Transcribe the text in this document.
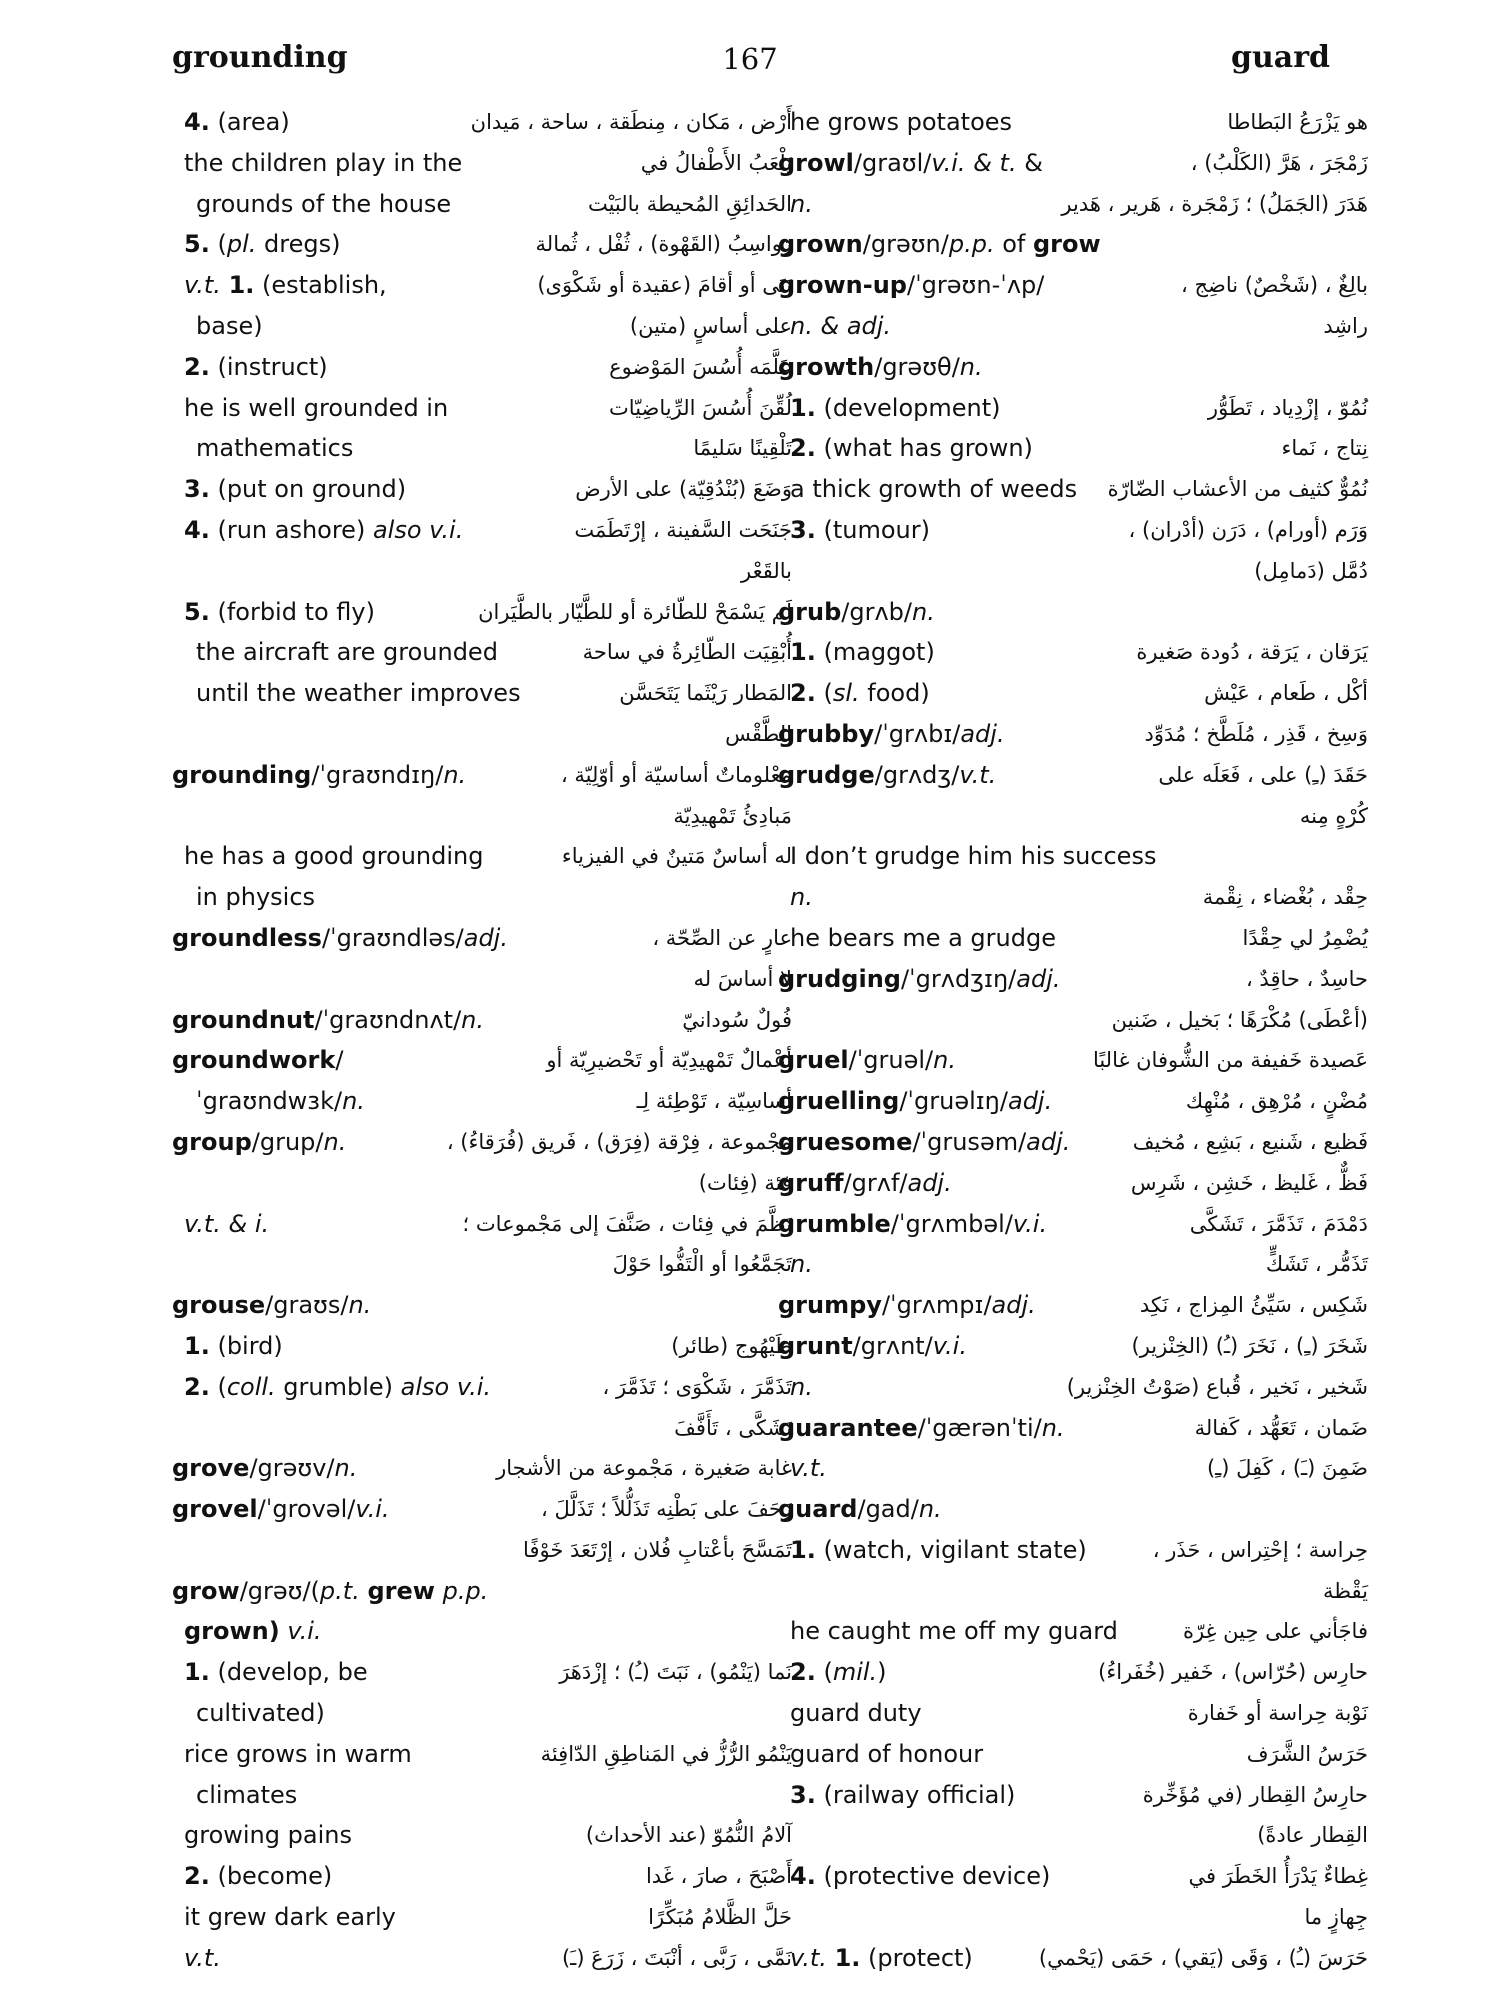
grounding	167	guard
4. (area)	أَرْض ، مَكان ، مِنطَقة ، ساحة ، مَيدان
the children play in the	يَلْعَبُ الأَطْفالُ في
grounds of the house	الحَدائِقِ المُحيطة بالبَيْت
5. (pl. dregs)	رَواسِبُ (القَهْوة) ، ثُفْل ، ثُمالة
v.t. 1. (establish,	بَنَى أو أقامَ (عقيدة أو شَكْوَى)
base)	على أساسٍ (متين)
2. (instruct)	عَلَّمَه أُسُسَ المَوْضوع
he is well grounded in	لُقِّنَ أُسُسَ الرِّياضِيّات
mathematics	تَلْقِينًا سَليمًا
3. (put on ground)	وَضَعَ (بُنْدُقِيّة) على الأرض
4. (run ashore) also v.i.	جَنَحَت السَّفينة ، إرْتَطَمَت
بالقَعْر
5. (forbid to fly)	لَم يَسْمَحْ للطّائرة أو للطَّيّار بالطَّيَران
the aircraft are grounded	أُبْقِيَت الطّائِرةُ في ساحة
until the weather improves	المَطار رَيْثَما يَتَحَسَّن
الطَّقْس
grounding/ˈgraʊndɪŋ/n.	مَعْلوماتٌ أساسيّة أو أوّلِيّة ،
مَبادِئُ تَمْهيدِيّة
he has a good grounding	له أساسٌ مَتينٌ في الفيزياء
in physics
groundless/ˈgraʊndləs/adj.	عارٍ عن الصِّحّة ،
لا أساسَ له
groundnut/ˈgraʊndnʌt/n.	فُولٌ سُودانيّ
groundwork/	أعْمالٌ تَمْهيدِيّة أو تَحْضيرِيّة أو
ˈgraʊndwɜk/n.	أساسِيّة ، تَوْطِئة لِـ
group/grup/n.	مَجْموعة ، فِرْقة (فِرَق) ، فَريق (فُرَقاءُ) ،
فِئة (فِئات)
v.t. & i.	نَظَّمَ في فِئات ، صَنَّفَ إلى مَجْموعات ؛
تَجَمَّعُوا أو الْتَفُّوا حَوْلَ
grouse/graʊs/n.
1. (bird)	طَيْهُوج (طائر)
2. (coll. grumble) also v.i.	تَذَمَّرَ ، شَكْوَى ؛ تَذَمَّرَ ،
تَشَكَّى ، تَأَفَّفَ
grove/grəʊv/n.	غابة صَغيرة ، مَجْموعة من الأشجار
grovel/ˈgrovəl/v.i.	زَحَفَ على بَطْنِه تَذَلُّلاً ؛ تَذَلَّلَ ،
تَمَسَّحَ بأعْتابِ فُلان ، إرْتَعَدَ خَوْفًا
grow/grəʊ/(p.t. grew p.p.
grown) v.i.
1. (develop, be	نَما (يَنْمُو) ، نَبَتَ (ـُ) ؛ إزْدَهَرَ
cultivated)
rice grows in warm	يَنْمُو الرُّزُّ في المَناطِقِ الدّافِئة
climates
growing pains	آلامُ النُّمُوّ (عند الأحداث)
2. (become)	أَصْبَحَ ، صارَ ، غَدا
it grew dark early	حَلَّ الظَّلامُ مُبَكِّرًا
v.t.	نَمَّى ، رَبَّى ، أنْبَتَ ، زَرَعَ (ـَ)
he grows potatoes	هو يَزْرَعُ البَطاطا
growl/graʊl/v.i. & t. &	زَمْجَرَ ، هَرَّ (الكَلْبُ) ،
n.	هَدَرَ (الجَمَلُ) ؛ زَمْجَرة ، هَرير ، هَدير
grown/grəʊn/p.p. of grow
grown-up/ˈgrəʊn-ˈʌp/	بالِغٌ ، (شَخْصٌ) ناضِج ،
n. & adj.	راشِد
growth/grəʊθ/n.
1. (development)	نُمُوّ ، إزْدِياد ، تَطَوُّر
2. (what has grown)	نِتاج ، نَماء
a thick growth of weeds نُمُوٌّ كثيف من الأعشاب الضّارّة
3. (tumour)	وَرَم (أورام) ، دَرَن (أدْران) ،
دُمَّل (دَمامِل)
grub/grʌb/n.
1. (maggot)	يَرَقان ، يَرَقة ، دُودة صَغيرة
2. (sl. food)	أكْل ، طَعام ، عَيْش
grubby/ˈgrʌbɪ/adj.	وَسِخ ، قَذِر ، مُلَطَّخ ؛ مُدَوِّد
grudge/grʌdʒ/v.t.	حَقَدَ (ـِ) على ، فَعَلَه على
كُرْهٍ مِنه
I don’t grudge him his success
n.	حِقْد ، بُغْضاء ، نِقْمة
he bears me a grudge	يُضْمِرُ لي حِقْدًا
grudging/ˈgrʌdʒɪŋ/adj.	حاسِدٌ ، حاقِدٌ ،
(أعْطَى) مُكْرَهًا ؛ بَخيل ، ضَنين
gruel/ˈgruəl/n.	عَصيدة خَفيفة من الشُّوفان غالبًا
gruelling/ˈgruəlɪŋ/adj.	مُضْنٍ ، مُرْهِق ، مُنْهِك
gruesome/ˈgrusəm/adj.	فَظيع ، شَنيع ، بَشِع ، مُخيف
gruff/grʌf/adj.	فَظٌّ ، غَليظ ، خَشِن ، شَرِس
grumble/ˈgrʌmbəl/v.i.	دَمْدَمَ ، تَذَمَّرَ ، تَشَكَّى
n.	تَذَمُّر ، تَشَكٍّ
grumpy/ˈgrʌmpɪ/adj.	شَكِس ، سَيِّئُ المِزاج ، نَكِد
grunt/grʌnt/v.i.	شَخَرَ (ـِ) ، نَخَرَ (ـُ) (الخِنْزير)
n.	شَخير ، نَخير ، قُباع (صَوْتُ الخِنْزير)
guarantee/ˈgærənˈti/n.	ضَمان ، تَعَهُّد ، كَفالة
v.t.	ضَمِنَ (ـَ) ، كَفِلَ (ـِ)
guard/gad/n.
1. (watch, vigilant state)	حِراسة ؛ إحْتِراس ، حَذَر ،
يَقْظة
he caught me off my guard	فاجَأني على حِين غِرّة
2. (mil.)	حارِس (حُرّاس) ، خَفير (خُفَراءُ)
guard duty	نَوْبة حِراسة أو خَفارة
guard of honour	حَرَسُ الشَّرَف
3. (railway official)	حارِسُ القِطار (في مُؤَخِّرة
القِطار عادةً)
4. (protective device)	غِطاءٌ يَدْرَأُ الخَطَرَ في
جِهازٍ ما
v.t. 1. (protect)	حَرَسَ (ـُ) ، وَقَى (يَقي) ، حَمَى (يَحْمي)
